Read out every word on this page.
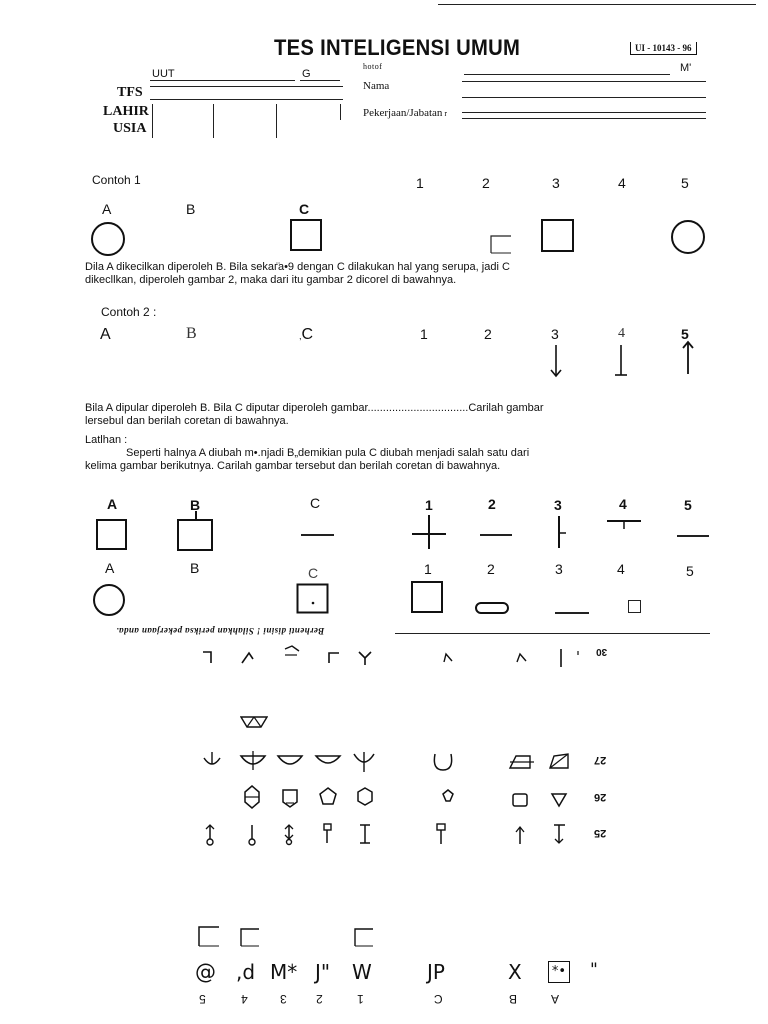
TES INTELIGENSI UMUM	UI - 10143 - 96
UUT	G
TFS
LAHIR
USIA
hotof	M'
Nama
Pekerjaan/Jabatan r
Contoh 1	1	2	3	4	5
A	B	C
Dila A dikecilkan diperoleh B. Bila sekaг̈a•9 dengan C dilakukan hal yang serupa, jadi C
dikecllkan, diperoleh gambar 2, maka dari itu gambar 2 dicorel di bawahnya.
Contoh 2 :
A	B	,C	1	2	3	4	5
Bila A dipular diperoleh B. Bila C diputar diperoleh gambar.................................Carilah gambar
lersebul dan berilah coretan di bawahnya.
Latlhan :
Seperti halnya A diubah m•.njadi B„demikian pula C diubah menjadi salah satu dari
kelima gambar berikutnya. Carilah gambar tersebut dan berilah coretan di bawahnya.
A	B	C	1	2	3	4	5
A	B	C	1	2	3	4	5
Berhenti disini ! Silahkan periksa pekerjaan anda.
30
27
26
25
@ ,d M* J" W	JP	X	*• "
5	4	3 2	1	C	B	A
